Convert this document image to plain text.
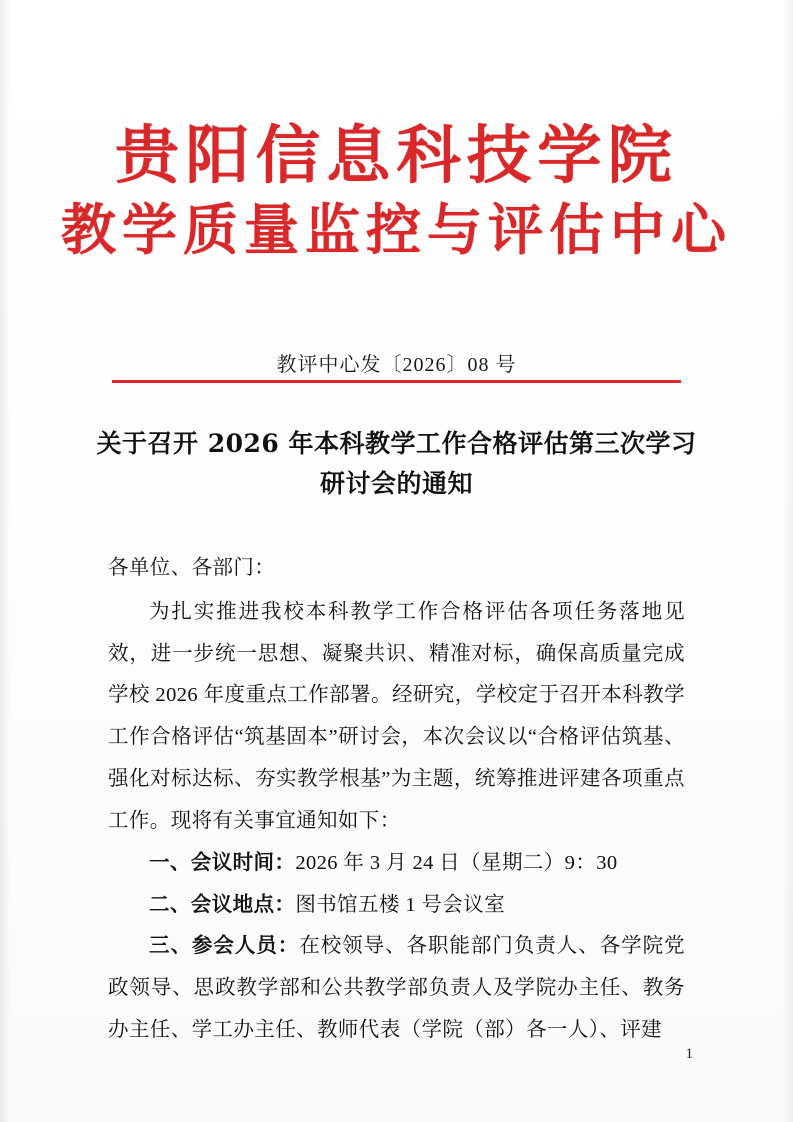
贵阳信息科技学院
教学质量监控与评估中心
教评中心发〔2026〕08 号
关于召开 2026 年本科教学工作合格评估第三次学习研讨会的通知

各单位、各部门：

为扎实推进我校本科教学工作合格评估各项任务落地见效，进一步统一思想、凝聚共识、精准对标，确保高质量完成学校 2026 年度重点工作部署。经研究，学校定于召开本科教学工作合格评估“筑基固本”研讨会，本次会议以“合格评估筑基、强化对标达标、夯实教学根基”为主题，统筹推进评建各项重点工作。现将有关事宜通知如下：

一、会议时间：2026 年 3 月 24 日（星期二）9：30

二、会议地点：图书馆五楼 1 号会议室

三、参会人员：在校领导、各职能部门负责人、各学院党政领导、思政教学部和公共教学部负责人及学院办主任、教务办主任、学工办主任、教师代表（学院（部）各一人）、评建

1
